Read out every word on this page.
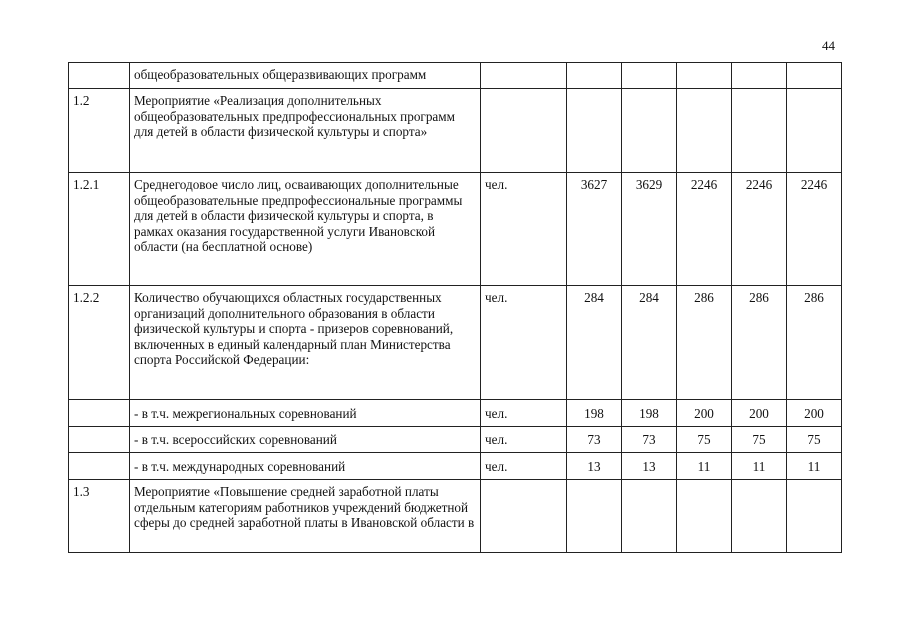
44
	общеобразовательных общеразвивающих программ						
1.2	Мероприятие «Реализация дополнительных общеобразовательных предпрофессиональных программ для детей в области физической культуры и спорта»						
1.2.1	Среднегодовое число лиц, осваивающих дополнительные общеобразовательные предпрофессиональные программы для детей в области физической культуры и спорта, в рамках оказания государственной услуги Ивановской области (на бесплатной основе)	чел.	3627	3629	2246	2246	2246
1.2.2	Количество обучающихся областных государственных организаций дополнительного образования в области физической культуры и спорта - призеров соревнований, включенных в единый календарный план Министерства спорта Российской Федерации:	чел.	284	284	286	286	286
	- в т.ч. межрегиональных соревнований	чел.	198	198	200	200	200
	- в т.ч. всероссийских соревнований	чел.	73	73	75	75	75
	- в т.ч. международных соревнований	чел.	13	13	11	11	11
1.3	Мероприятие «Повышение средней заработной платы отдельным категориям работников учреждений бюджетной сферы до средней заработной платы в Ивановской области в						
